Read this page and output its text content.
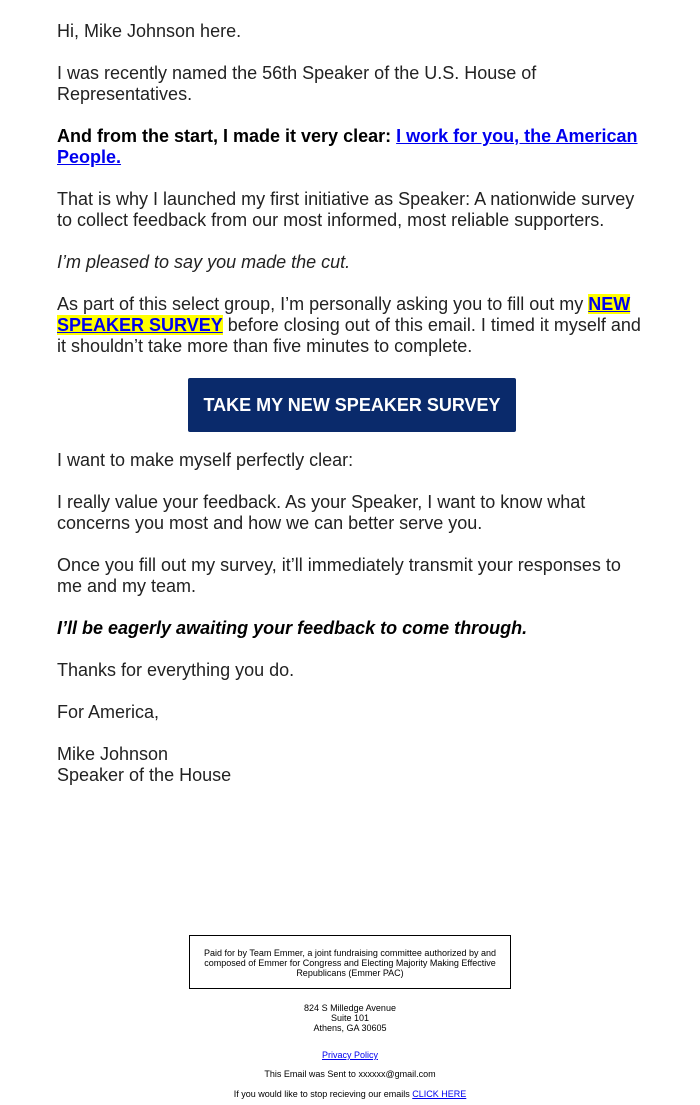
Hi, Mike Johnson here.

I was recently named the 56th Speaker of the U.S. House of Representatives.

And from the start, I made it very clear: I work for you, the American People.

That is why I launched my first initiative as Speaker: A nationwide survey to collect feedback from our most informed, most reliable supporters.

I’m pleased to say you made the cut.

As part of this select group, I’m personally asking you to fill out my NEW SPEAKER SURVEY before closing out of this email. I timed it myself and it shouldn’t take more than five minutes to complete.

TAKE MY NEW SPEAKER SURVEY

I want to make myself perfectly clear:

I really value your feedback. As your Speaker, I want to know what concerns you most and how we can better serve you.

Once you fill out my survey, it’ll immediately transmit your responses to me and my team.

I’ll be eagerly awaiting your feedback to come through.

Thanks for everything you do.

For America,

Mike Johnson

Speaker of the House

Paid for by Team Emmer, a joint fundraising committee authorized by and composed of Emmer for Congress and Electing Majority Making Effective Republicans (Emmer PAC)
824 S Milledge Avenue
Suite 101
Athens, GA 30605
Privacy Policy
This Email was Sent to xxxxxx@gmail.com
If you would like to stop recieving our emails CLICK HERE
